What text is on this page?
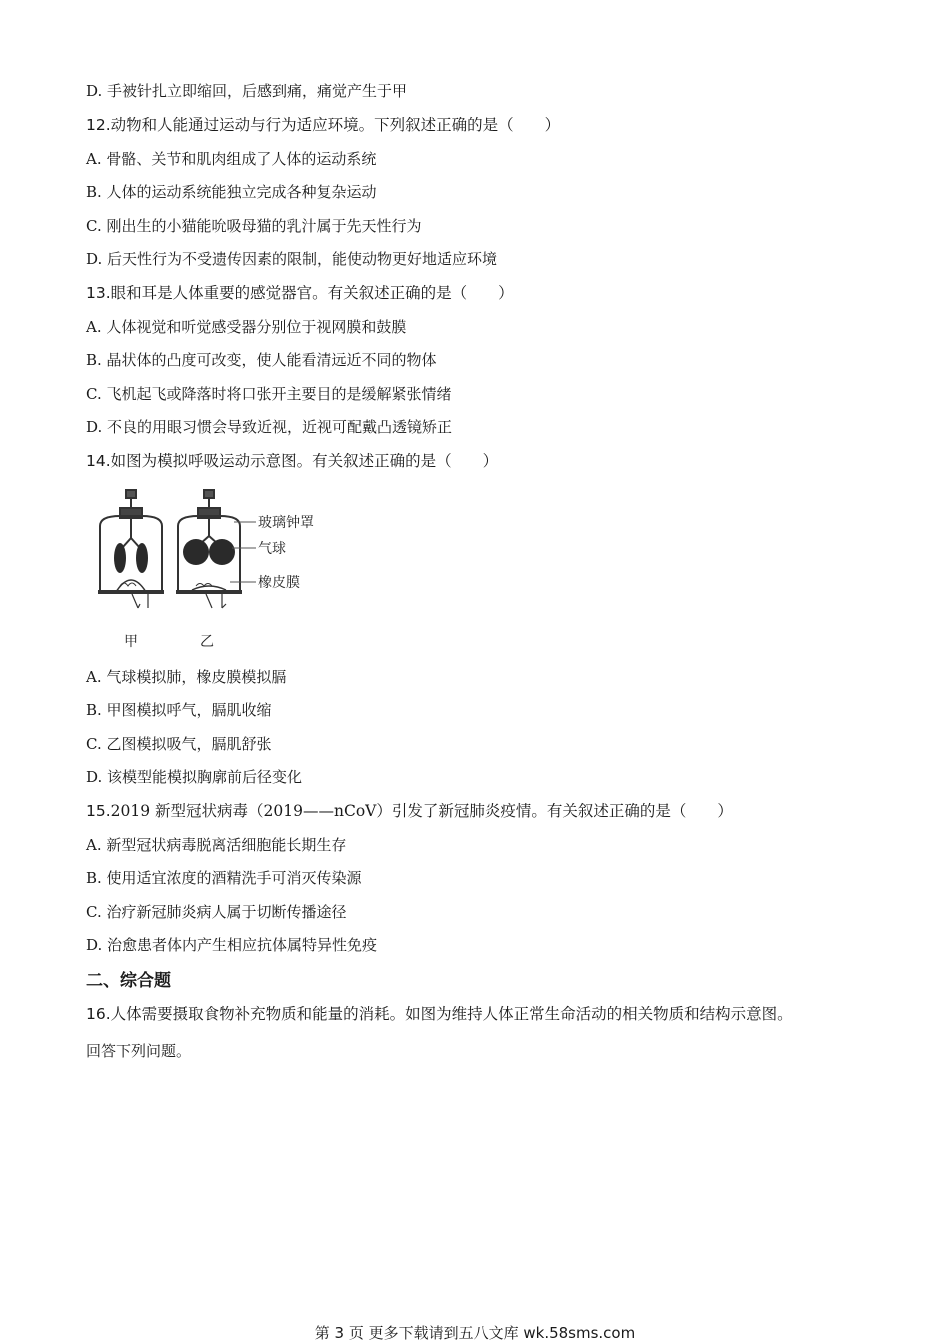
D. 手被针扎立即缩回，后感到痛，痛觉产生于甲
12.动物和人能通过运动与行为适应环境。下列叙述正确的是（　　）
A. 骨骼、关节和肌肉组成了人体的运动系统
B. 人体的运动系统能独立完成各种复杂运动
C. 刚出生的小猫能吮吸母猫的乳汁属于先天性行为
D. 后天性行为不受遗传因素的限制，能使动物更好地适应环境
13.眼和耳是人体重要的感觉器官。有关叙述正确的是（　　）
A. 人体视觉和听觉感受器分别位于视网膜和鼓膜
B. 晶状体的凸度可改变，使人能看清远近不同的物体
C. 飞机起飞或降落时将口张开主要目的是缓解紧张情绪
D. 不良的用眼习惯会导致近视，近视可配戴凸透镜矫正
14.如图为模拟呼吸运动示意图。有关叙述正确的是（　　）
玻璃钟罩
气球
橡皮膜
甲	乙
A. 气球模拟肺，橡皮膜模拟膈
B. 甲图模拟呼气，膈肌收缩
C. 乙图模拟吸气，膈肌舒张
D. 该模型能模拟胸廓前后径变化
15.2019 新型冠状病毒（2019——nCoV）引发了新冠肺炎疫情。有关叙述正确的是（　　）
A. 新型冠状病毒脱离活细胞能长期生存
B. 使用适宜浓度的酒精洗手可消灭传染源
C. 治疗新冠肺炎病人属于切断传播途径
D. 治愈患者体内产生相应抗体属特异性免疫
二、综合题
16.人体需要摄取食物补充物质和能量的消耗。如图为维持人体正常生命活动的相关物质和结构示意图。
回答下列问题。
第 3 页 更多下载请到五八文库 wk.58sms.com
